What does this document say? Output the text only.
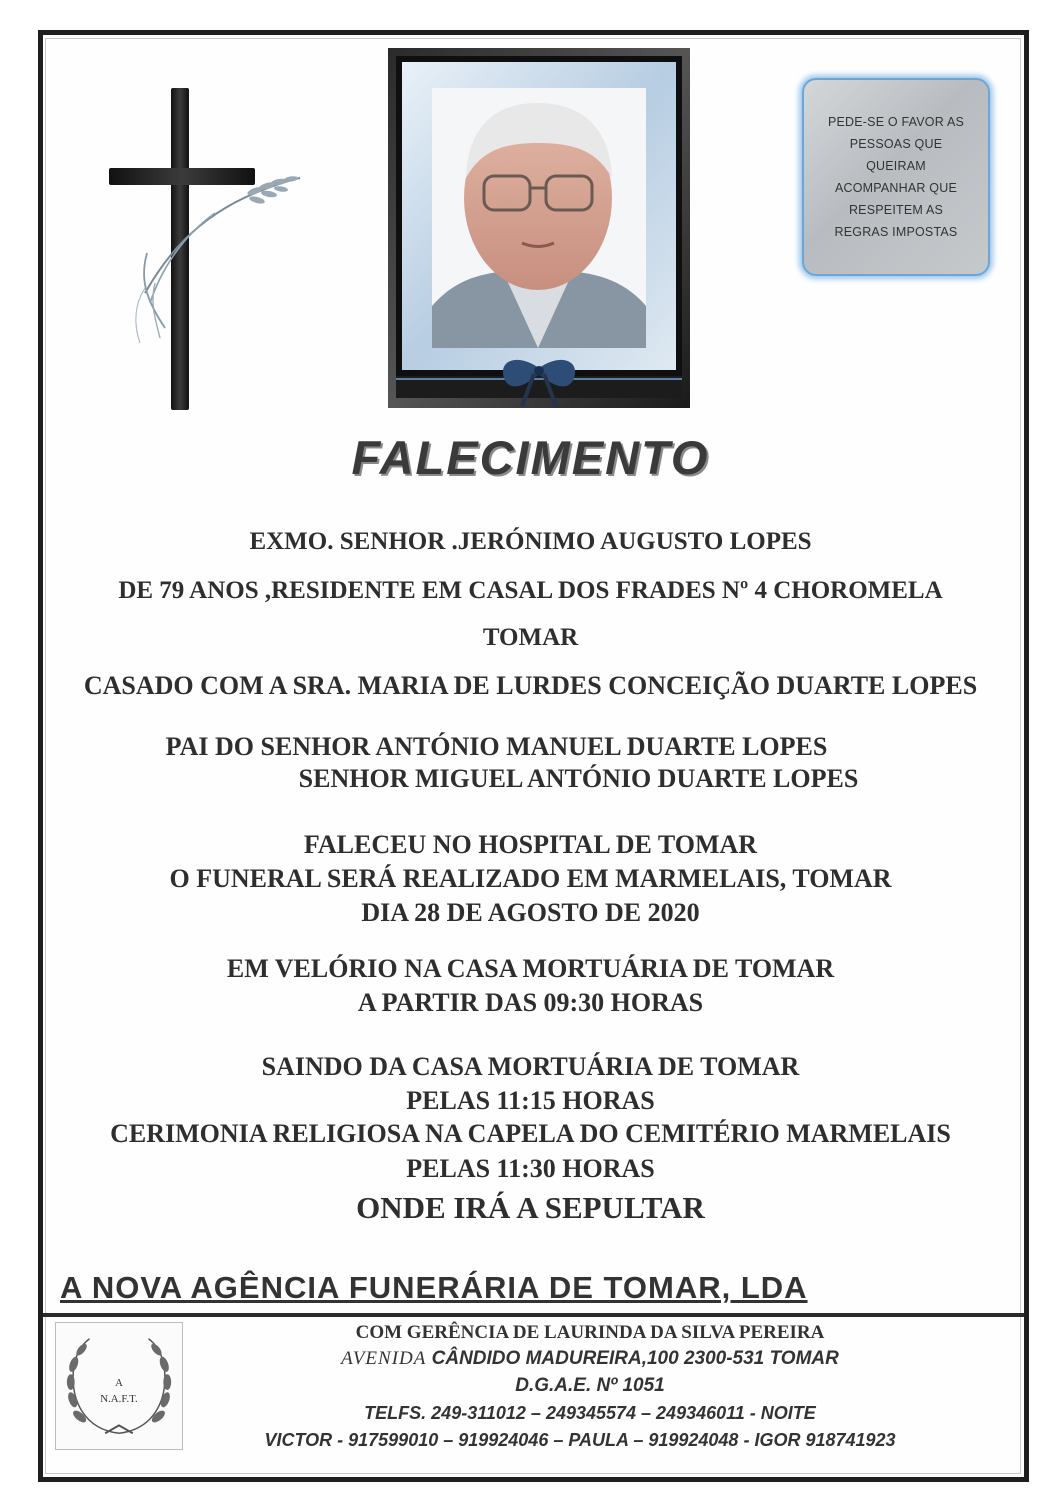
PEDE-SE O FAVOR AS
PESSOAS QUE
QUEIRAM
ACOMPANHAR QUE
RESPEITEM AS
REGRAS IMPOSTAS
FALECIMENTO
EXMO. SENHOR .JERÓNIMO AUGUSTO LOPES
DE 79 ANOS ,RESIDENTE EM CASAL DOS FRADES Nº 4 CHOROMELA
TOMAR
CASADO COM A SRA. MARIA DE LURDES CONCEIÇÃO DUARTE LOPES
PAI DO SENHOR ANTÓNIO MANUEL DUARTE LOPES
SENHOR MIGUEL ANTÓNIO DUARTE LOPES
FALECEU NO HOSPITAL DE TOMAR
O FUNERAL SERÁ REALIZADO EM MARMELAIS, TOMAR
DIA 28 DE AGOSTO DE 2020
EM VELÓRIO NA CASA MORTUÁRIA DE TOMAR
A PARTIR DAS 09:30 HORAS
SAINDO DA CASA MORTUÁRIA DE TOMAR
PELAS 11:15 HORAS
CERIMONIA RELIGIOSA NA CAPELA DO CEMITÉRIO MARMELAIS
PELAS 11:30 HORAS
ONDE IRÁ A SEPULTAR
A NOVA AGÊNCIA FUNERÁRIA DE TOMAR, LDA
A
N.A.F.T.
COM GERÊNCIA DE LAURINDA DA SILVA PEREIRA
AVENIDA CÂNDIDO MADUREIRA,100 2300-531 TOMAR
D.G.A.E. Nº 1051
TELFS. 249-311012 – 249345574 – 249346011 - NOITE
VICTOR - 917599010 – 919924046 – PAULA – 919924048 - IGOR 918741923
